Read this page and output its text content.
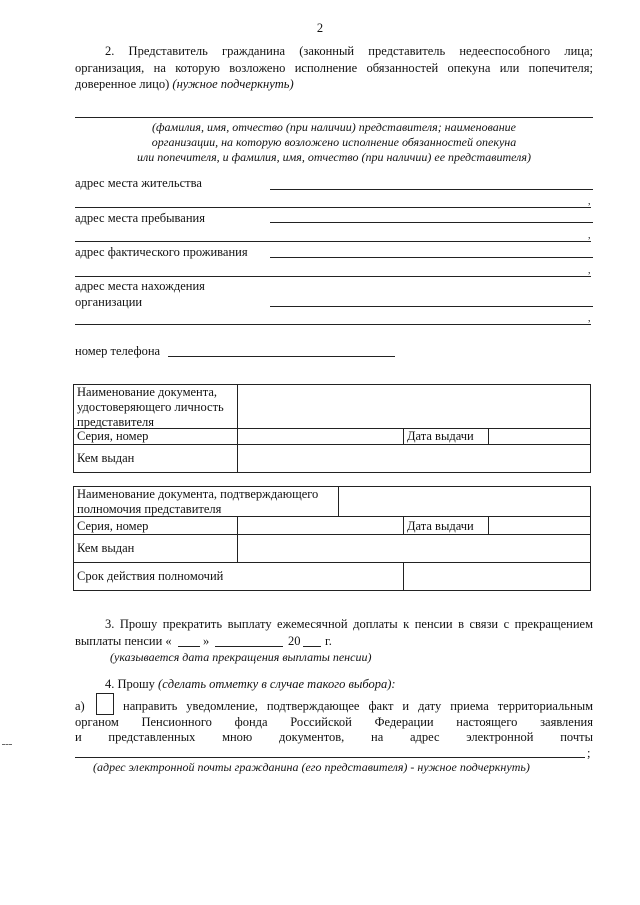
2
2. Представитель гражданина (законный представитель недееспособного лица;
организация, на которую возложено исполнение обязанностей опекуна или попечителя;
доверенное лицо) (нужное подчеркнуть)
(фамилия, имя, отчество (при наличии) представителя; наименование
организации, на которую возложено исполнение обязанностей опекуна
или попечителя, и фамилия, имя, отчество (при наличии) ее представителя)
адрес места жительства
,
адрес места пребывания
,
адрес фактического проживания
,
адрес места нахождения
организации
,
номер телефона
Наименование документа,
удостоверяющего личность
представителя
Серия, номер	Дата выдачи
Кем выдан
Наименование документа, подтверждающего
полномочия представителя
Серия, номер	Дата выдачи
Кем выдан
Срок действия полномочий
3. Прошу прекратить выплату ежемесячной доплаты к пенсии в связи с прекращением
выплаты пенсии «	»	20 г.
(указывается дата прекращения выплаты пенсии)
4. Прошу (сделать отметку в случае такого выбора):
а)	направить уведомление, подтверждающее факт и дату приема территориальным
органом Пенсионного фонда Российской Федерации настоящего заявления
и представленных мною документов, на адрес электронной почты
;
(адрес электронной почты гражданина (его представителя) - нужное подчеркнуть)
